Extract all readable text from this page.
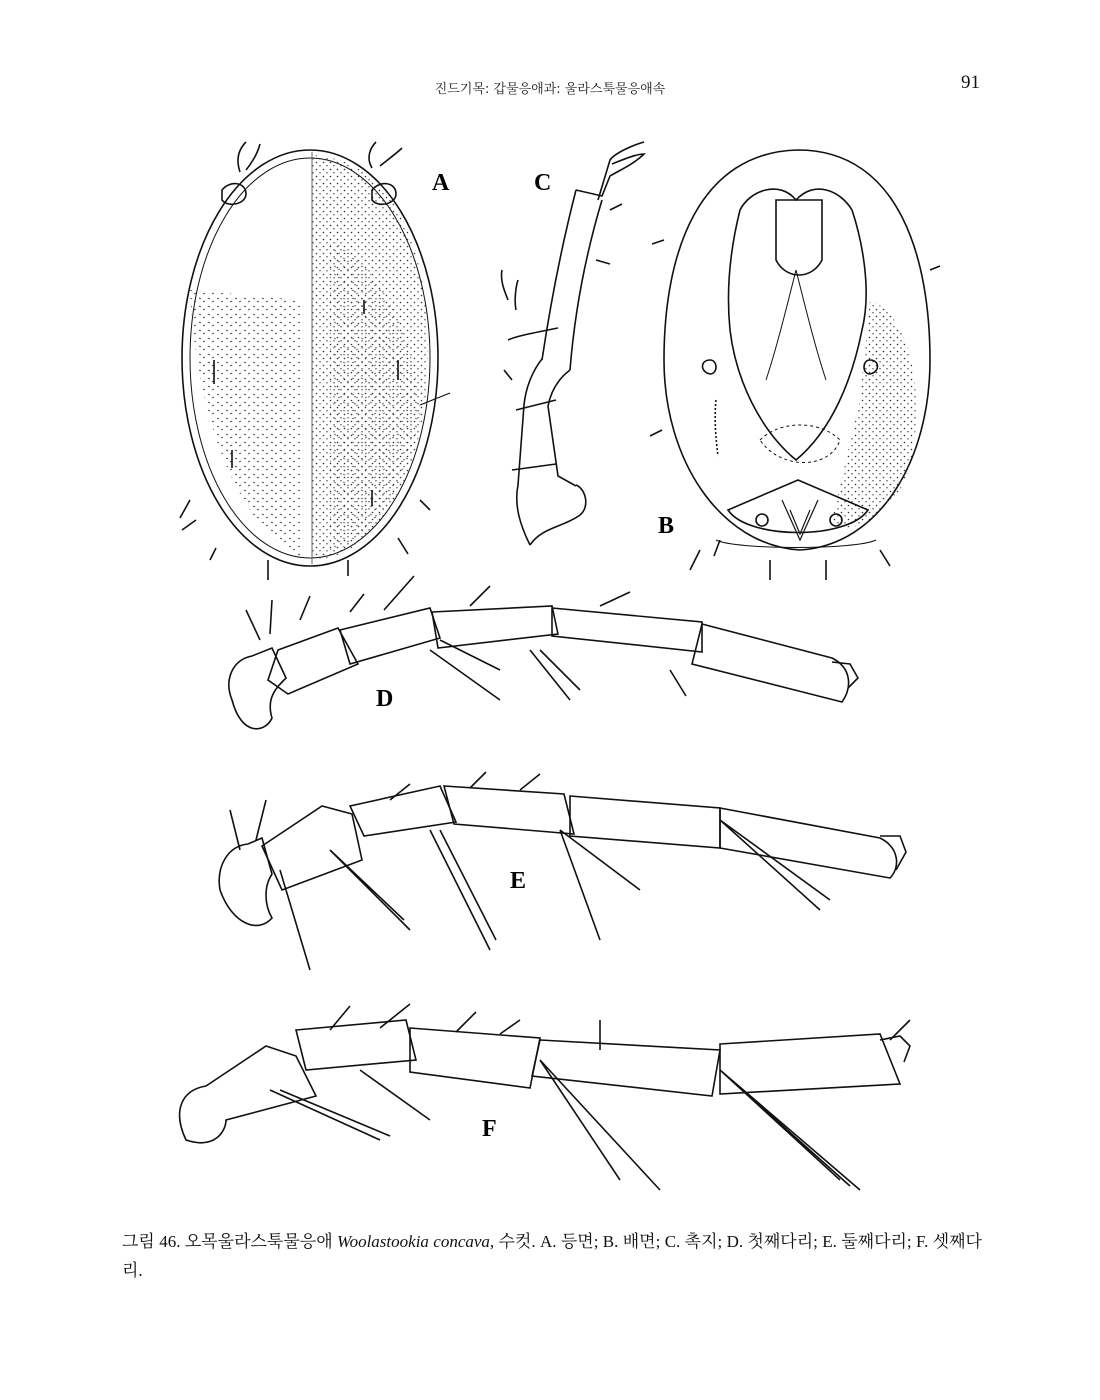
진드기목: 갑물응애과: 울라스툭물응애속	91
A	C
B
D
E
F
그림 46. 오목울라스툭물응애 Woolastookia concava, 수컷. A. 등면; B. 배면; C. 촉지; D. 첫째다리; E. 둘째다리; F. 셋째다리.
